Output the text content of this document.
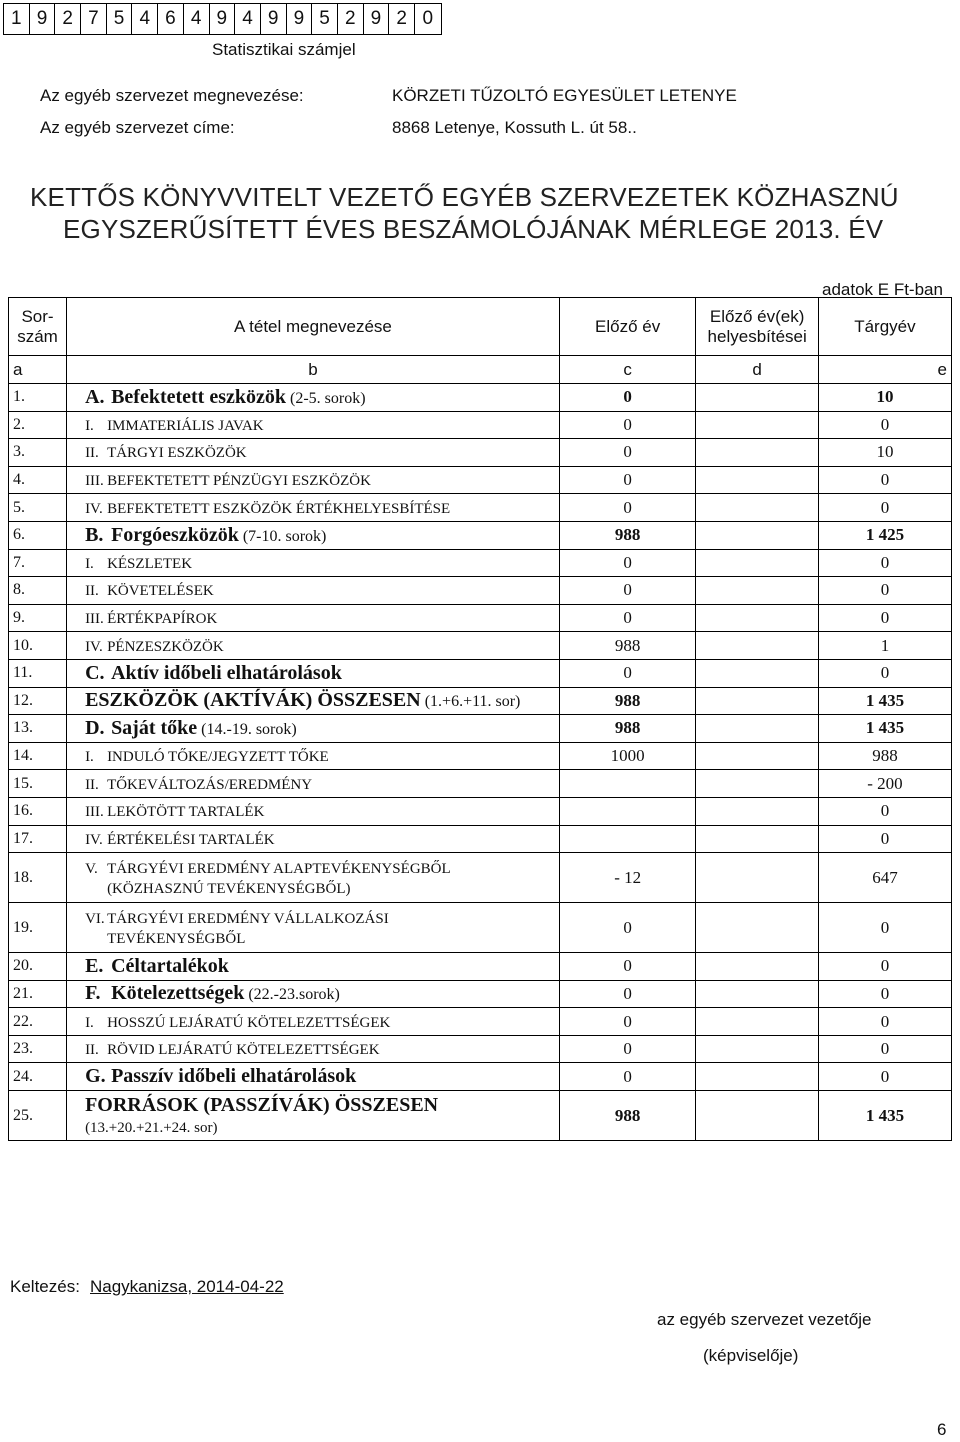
1 9 2 7 5 4 6 4 9 4 9 9 5 2 9 2 0
Statisztikai számjel
Az egyéb szervezet megnevezése:	KÖRZETI TŰZOLTÓ EGYESÜLET LETENYE
Az egyéb szervezet címe:	8868 Letenye, Kossuth L. út 58..
KETTŐS KÖNYVVITELT VEZETŐ EGYÉB SZERVEZETEK KÖZHASZNÚ
EGYSZERŰSÍTETT ÉVES BESZÁMOLÓJÁNAK MÉRLEGE 2013. ÉV
adatok E Ft-ban
Sor-
szám	A tétel megnevezése	Előző év	Előző év(ek)
helyesbítései	Tárgyév
a	b	c	d	e
1.	A. Befektetett eszközök (2-5. sorok)	0		10
2.	I. IMMATERIÁLIS JAVAK	0		0
3.	II. TÁRGYI ESZKÖZÖK	0		10
4.	III. BEFEKTETETT PÉNZÜGYI ESZKÖZÖK	0		0
5.	IV. BEFEKTETETT ESZKÖZÖK ÉRTÉKHELYESBÍTÉSE	0		0
6.	B. Forgóeszközök (7-10. sorok)	988		1 425
7.	I. KÉSZLETEK	0		0
8.	II. KÖVETELÉSEK	0		0
9.	III. ÉRTÉKPAPÍROK	0		0
10.	IV. PÉNZESZKÖZÖK	988		1
11.	C. Aktív időbeli elhatárolások	0		0
12.	ESZKÖZÖK (AKTÍVÁK) ÖSSZESEN (1.+6.+11. sor)	988		1 435
13.	D. Saját tőke (14.-19. sorok)	988		1 435
14.	I. INDULÓ TŐKE/JEGYZETT TŐKE	1000		988
15.	II. TŐKEVÁLTOZÁS/EREDMÉNY			- 200
16.	III. LEKÖTÖTT TARTALÉK			0
17.	IV. ÉRTÉKELÉSI TARTALÉK			0
18.	V. TÁRGYÉVI EREDMÉNY ALAPTEVÉKENYSÉGBŐL
(KÖZHASZNÚ TEVÉKENYSÉGBŐL)	- 12		647
19.	VI. TÁRGYÉVI EREDMÉNY VÁLLALKOZÁSI
TEVÉKENYSÉGBŐL	0		0
20.	E. Céltartalékok	0		0
21.	F. Kötelezettségek (22.-23.sorok)	0		0
22.	I. HOSSZÚ LEJÁRATÚ KÖTELEZETTSÉGEK	0		0
23.	II. RÖVID LEJÁRATÚ KÖTELEZETTSÉGEK	0		0
24.	G. Passzív időbeli elhatárolások	0		0
25.	FORRÁSOK (PASSZÍVÁK) ÖSSZESEN
(13.+20.+21.+24. sor)	988		1 435
Keltezés: Nagykanizsa, 2014-04-22
az egyéb szervezet vezetője
(képviselője)
6
